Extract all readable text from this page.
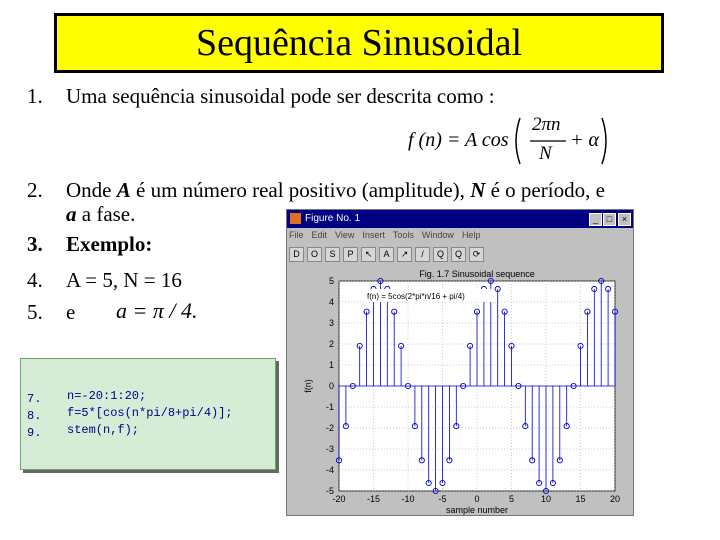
Sequência Sinusoidal
1. Uma sequência sinusoidal pode ser descrita como :
f (n) = A cos
2πn
N
+ α
2. Onde A é um número real positivo (amplitude), N é o período, e
a a fase.
3. Exemplo:
4. A = 5, N = 16
5. e a = π / 4.
7. n=-20:1:20;
8. f=5*[cos(n*pi/8+pi/4)];
9. stem(n,f);
Figure No. 1	_ □	×
File Edit View Insert Tools Window Help
D O S P ↖ A ↗ / Q Q ⟳
-20 -15 -10	-5	0	5	10	15	20
5
4
3
2
1
0
-1
-2
-3
-4
-5
Fig. 1.7 Sinusoidal sequence
f(n) = 5cos(2*pi*n/16 + pi/4)
sample number
f(n)
